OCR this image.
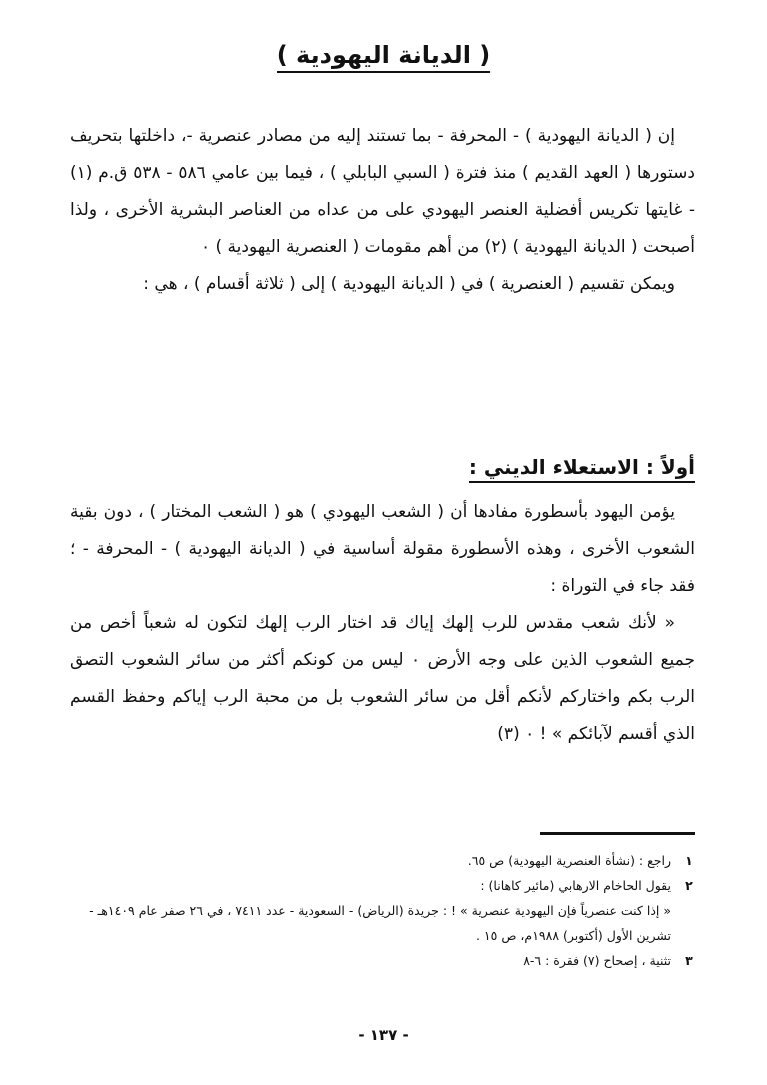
( الديانة اليهودية )

إن ( الديانة اليهودية ) - المحرفة - بما تستند إليه من مصادر عنصرية -، داخلتها بتحريف دستورها ( العهد القديم ) منذ فترة ( السبي البابلي ) ، فيما بين عامي ٥٨٦ - ٥٣٨ ق.م (١) - غايتها تكريس أفضلية العنصر اليهودي على من عداه من العناصر البشرية الأخرى ، ولذا أصبحت ( الديانة اليهودية ) (٢) من أهم مقومات ( العنصرية اليهودية ) ٠

ويمكن تقسيم ( العنصرية ) في ( الديانة اليهودية ) إلى ( ثلاثة أقسام ) ، هي :

أولاً : الاستعلاء الديني :

يؤمن اليهود بأسطورة مفادها أن ( الشعب اليهودي ) هو ( الشعب المختار ) ، دون بقية الشعوب الأخرى ، وهذه الأسطورة مقولة أساسية في ( الديانة اليهودية ) - المحرفة - ؛ فقد جاء في التوراة :

« لأنك شعب مقدس للرب إلهك إياك قد اختار الرب إلهك لتكون له شعباً أخص من جميع الشعوب الذين على وجه الأرض ٠ ليس من كونكم أكثر من سائر الشعوب التصق الرب بكم واختاركم لأنكم أقل من سائر الشعوب بل من محبة الرب إياكم وحفظ القسم الذي أقسم لآبائكم » ! ٠ (٣)

١
راجع : (نشأة العنصرية اليهودية) ص ٦٥.
٢
يقول الحاخام الارهابي (مائير كاهانا) :
« إذا كنت عنصرياً فإن اليهودية عنصرية » ! : جريدة (الرياض) - السعودية - عدد ٧٤١١ ، في ٢٦ صفر عام ١٤٠٩هـ - تشرين الأول (أكتوبر) ١٩٨٨م، ص ١٥ .
٣
تثنية ، إصحاح (٧) فقرة : ٦-٨
- ١٣٧ -
